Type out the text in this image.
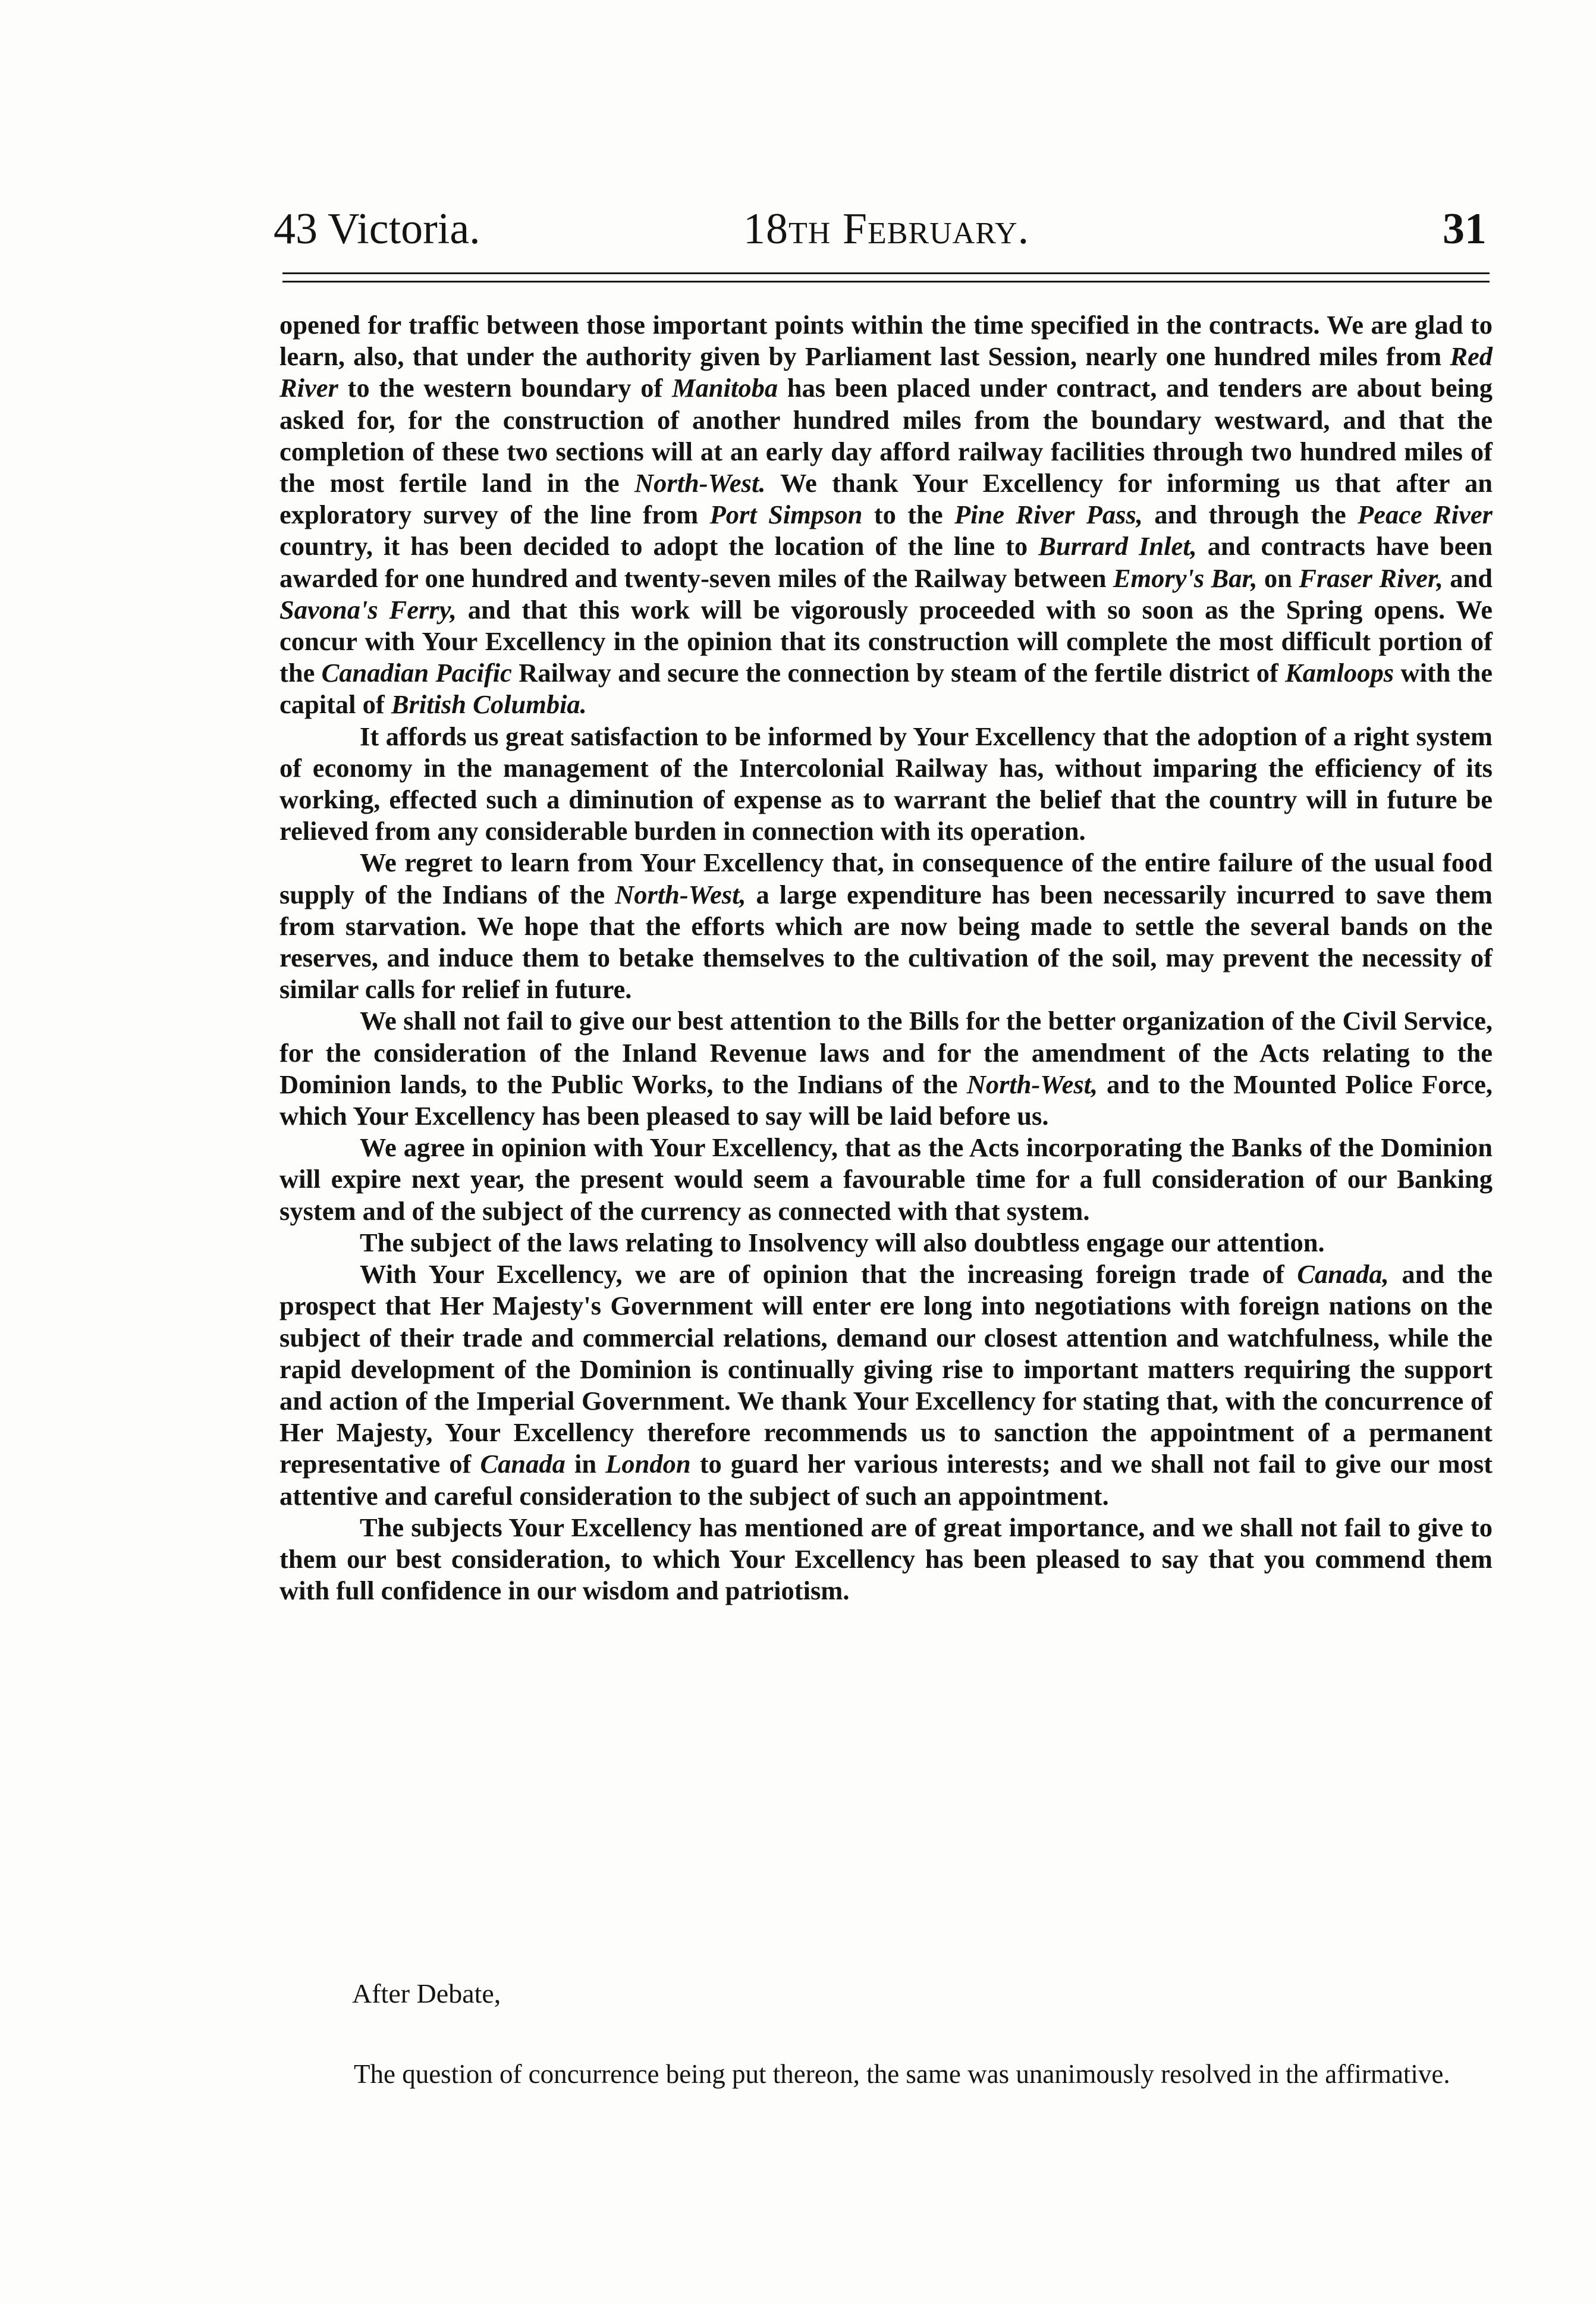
43 Victoria.	18th February.	31

opened for traffic between those important points within the time specified in the contracts. We are glad to learn, also, that under the authority given by Parliament last Session, nearly one hundred miles from Red River to the western boundary of Manitoba has been placed under contract, and tenders are about being asked for, for the construction of another hundred miles from the boundary westward, and that the completion of these two sections will at an early day afford railway facilities through two hundred miles of the most fertile land in the North-West. We thank Your Excellency for informing us that after an exploratory survey of the line from Port Simpson to the Pine River Pass, and through the Peace River country, it has been decided to adopt the location of the line to Burrard Inlet, and contracts have been awarded for one hundred and twenty-seven miles of the Railway between Emory's Bar, on Fraser River, and Savona's Ferry, and that this work will be vigorously proceeded with so soon as the Spring opens. We concur with Your Excellency in the opinion that its construction will complete the most difficult portion of the Canadian Pacific Railway and secure the connection by steam of the fertile district of Kamloops with the capital of British Columbia.

It affords us great satisfaction to be informed by Your Excellency that the adoption of a right system of economy in the management of the Intercolonial Railway has, without imparing the efficiency of its working, effected such a diminution of expense as to warrant the belief that the country will in future be relieved from any considerable burden in connection with its operation.

We regret to learn from Your Excellency that, in consequence of the entire failure of the usual food supply of the Indians of the North-West, a large expenditure has been necessarily incurred to save them from starvation. We hope that the efforts which are now being made to settle the several bands on the reserves, and induce them to betake themselves to the cultivation of the soil, may prevent the necessity of similar calls for relief in future.

We shall not fail to give our best attention to the Bills for the better organization of the Civil Service, for the consideration of the Inland Revenue laws and for the amendment of the Acts relating to the Dominion lands, to the Public Works, to the Indians of the North-West, and to the Mounted Police Force, which Your Excellency has been pleased to say will be laid before us.

We agree in opinion with Your Excellency, that as the Acts incorporating the Banks of the Dominion will expire next year, the present would seem a favourable time for a full consideration of our Banking system and of the subject of the currency as connected with that system.

The subject of the laws relating to Insolvency will also doubtless engage our attention.

With Your Excellency, we are of opinion that the increasing foreign trade of Canada, and the prospect that Her Majesty's Government will enter ere long into negotiations with foreign nations on the subject of their trade and commercial relations, demand our closest attention and watchfulness, while the rapid development of the Dominion is continually giving rise to important matters requiring the support and action of the Imperial Government. We thank Your Excellency for stating that, with the concurrence of Her Majesty, Your Excellency therefore recommends us to sanction the appointment of a permanent representative of Canada in London to guard her various interests; and we shall not fail to give our most attentive and careful consideration to the subject of such an appointment.

The subjects Your Excellency has mentioned are of great importance, and we shall not fail to give to them our best consideration, to which Your Excellency has been pleased to say that you commend them with full confidence in our wisdom and patriotism.

After Debate,
The question of concurrence being put thereon, the same was unanimously resolved in the affirmative.
